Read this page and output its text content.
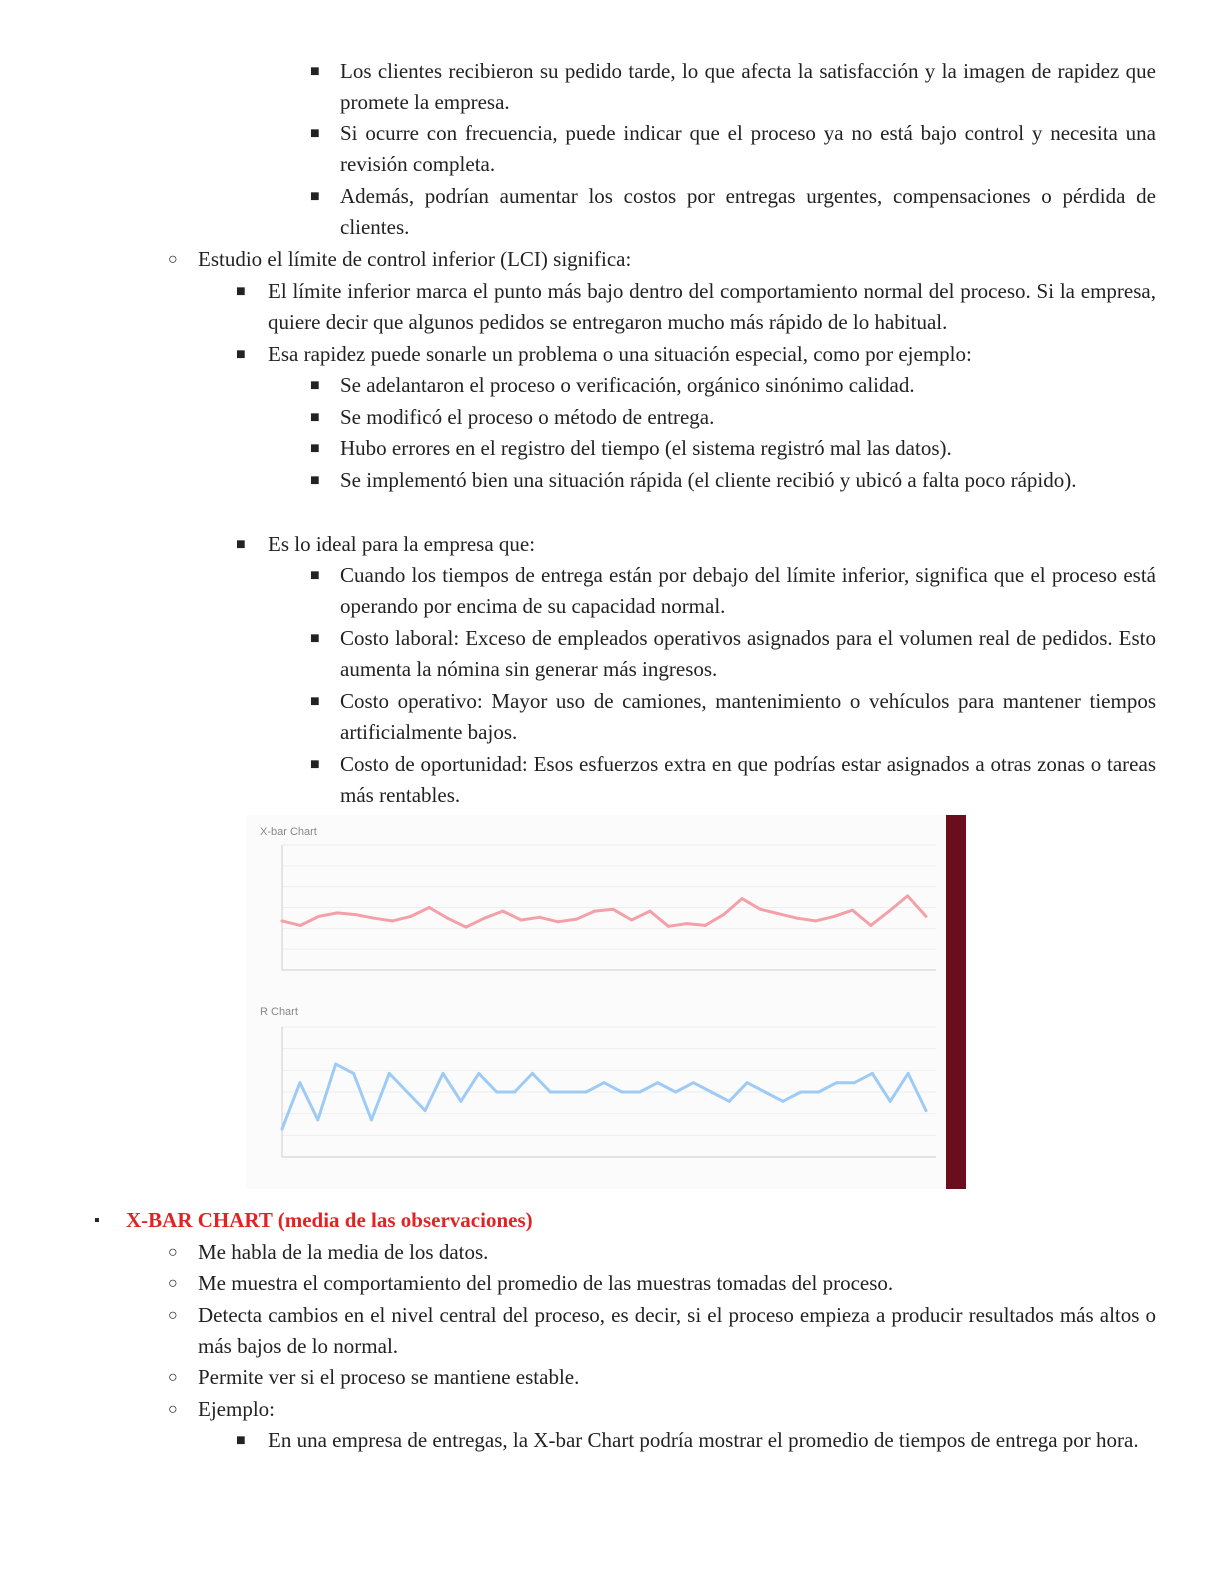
■ Los clientes recibieron su pedido tarde, lo que afecta la satisfacción y la imagen de rapidez que promete la empresa.
■ Si ocurre con frecuencia, puede indicar que el proceso ya no está bajo control y necesita una revisión completa.
■ Además, podrían aumentar los costos por entregas urgentes, compensaciones o pérdida de clientes.
○ Estudio el límite de control inferior (LCI) significa:
■ El límite inferior marca el punto más bajo dentro del comportamiento normal del proceso. Si la empresa, quiere decir que algunos pedidos se entregaron mucho más rápido de lo habitual.
■ Esa rapidez puede sonarle un problema o una situación especial, como por ejemplo:
■ Se adelantaron el proceso o verificación, orgánico sinónimo calidad.
■ Se modificó el proceso o método de entrega.
■ Hubo errores en el registro del tiempo (el sistema registró mal las datos).
■ Se implementó bien una situación rápida (el cliente recibió y ubicó a falta poco rápido).
■ Es lo ideal para la empresa que:
■ Cuando los tiempos de entrega están por debajo del límite inferior, significa que el proceso está operando por encima de su capacidad normal.
■ Costo laboral: Exceso de empleados operativos asignados para el volumen real de pedidos. Esto aumenta la nómina sin generar más ingresos.
■ Costo operativo: Mayor uso de camiones, mantenimiento o vehículos para mantener tiempos artificialmente bajos.
■ Costo de oportunidad: Esos esfuerzos extra en que podrías estar asignados a otras zonas o tareas más rentables.
X-bar Chart
R Chart
▪ X-BAR CHART (media de las observaciones)
○ Me habla de la media de los datos.
○ Me muestra el comportamiento del promedio de las muestras tomadas del proceso.
○ Detecta cambios en el nivel central del proceso, es decir, si el proceso empieza a producir resultados más altos o más bajos de lo normal.
○ Permite ver si el proceso se mantiene estable.
○ Ejemplo:
■ En una empresa de entregas, la X-bar Chart podría mostrar el promedio de tiempos de entrega por hora.
